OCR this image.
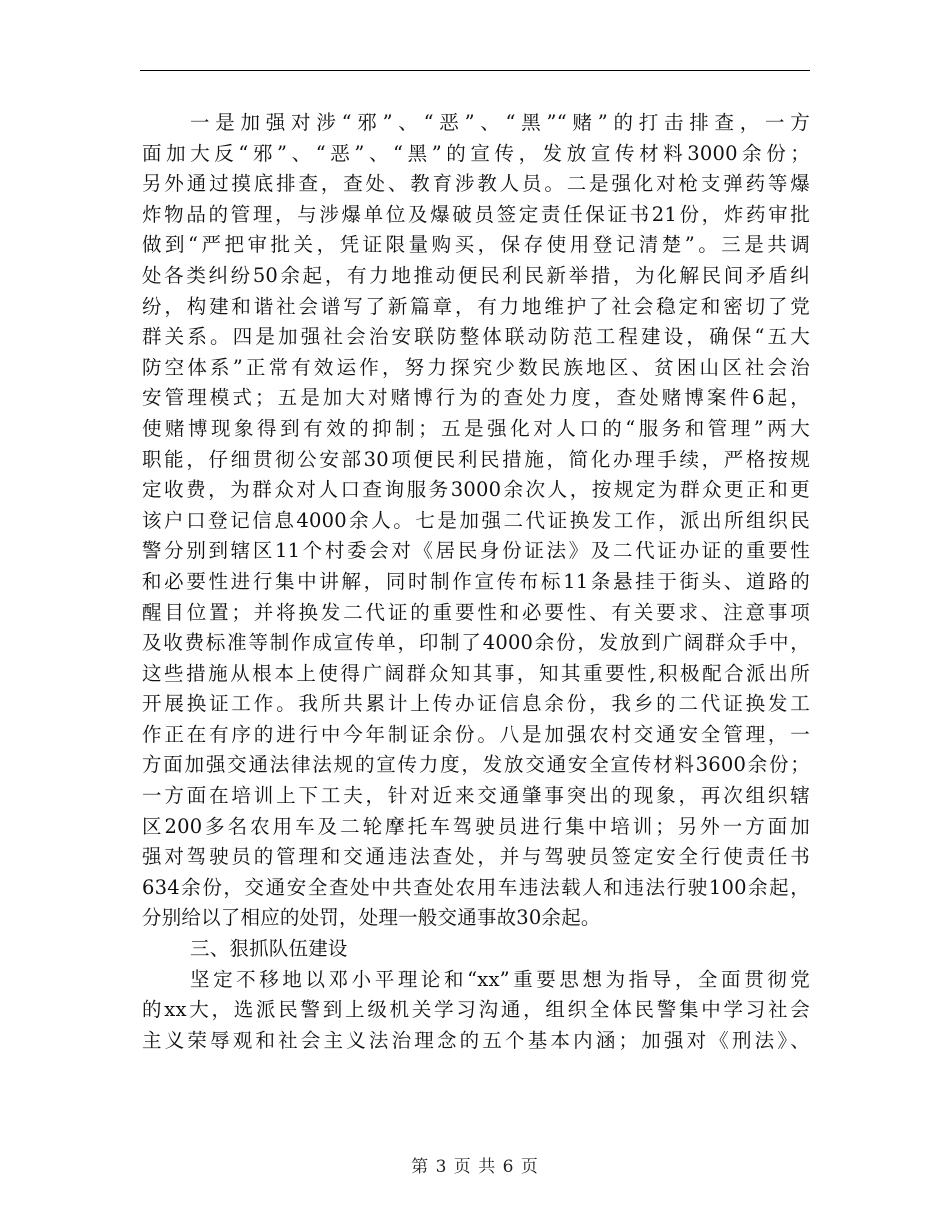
一是加强对涉“邪”、“恶”、“黑”“赌”的打击排查，一方
面加大反“邪”、“恶”、“黑”的宣传，发放宣传材料3000余份；
另外通过摸底排查，查处、教育涉教人员。二是强化对枪支弹药等爆
炸物品的管理，与涉爆单位及爆破员签定责任保证书21份，炸药审批
做到“严把审批关，凭证限量购买，保存使用登记清楚”。三是共调
处各类纠纷50余起，有力地推动便民利民新举措，为化解民间矛盾纠
纷，构建和谐社会谱写了新篇章，有力地维护了社会稳定和密切了党
群关系。四是加强社会治安联防整体联动防范工程建设，确保“五大
防空体系”正常有效运作，努力探究少数民族地区、贫困山区社会治
安管理模式；五是加大对赌博行为的查处力度，查处赌博案件6起，
使赌博现象得到有效的抑制；五是强化对人口的“服务和管理”两大
职能，仔细贯彻公安部30项便民利民措施，简化办理手续，严格按规
定收费，为群众对人口查询服务3000余次人，按规定为群众更正和更
该户口登记信息4000余人。七是加强二代证换发工作，派出所组织民
警分别到辖区11个村委会对《居民身份证法》及二代证办证的重要性
和必要性进行集中讲解，同时制作宣传布标11条悬挂于街头、道路的
醒目位置；并将换发二代证的重要性和必要性、有关要求、注意事项
及收费标准等制作成宣传单，印制了4000余份，发放到广阔群众手中，
这些措施从根本上使得广阔群众知其事，知其重要性,积极配合派出所
开展换证工作。我所共累计上传办证信息余份，我乡的二代证换发工
作正在有序的进行中今年制证余份。八是加强农村交通安全管理，一
方面加强交通法律法规的宣传力度，发放交通安全宣传材料3600余份；
一方面在培训上下工夫，针对近来交通肇事突出的现象，再次组织辖
区200多名农用车及二轮摩托车驾驶员进行集中培训；另外一方面加
强对驾驶员的管理和交通违法查处，并与驾驶员签定安全行使责任书
634余份，交通安全查处中共查处农用车违法载人和违法行驶100余起，
分别给以了相应的处罚，处理一般交通事故30余起。
三、狠抓队伍建设
坚定不移地以邓小平理论和“xx”重要思想为指导，全面贯彻党
的xx大，选派民警到上级机关学习沟通，组织全体民警集中学习社会
主义荣辱观和社会主义法治理念的五个基本内涵；加强对《刑法》、
第 3 页 共 6 页
